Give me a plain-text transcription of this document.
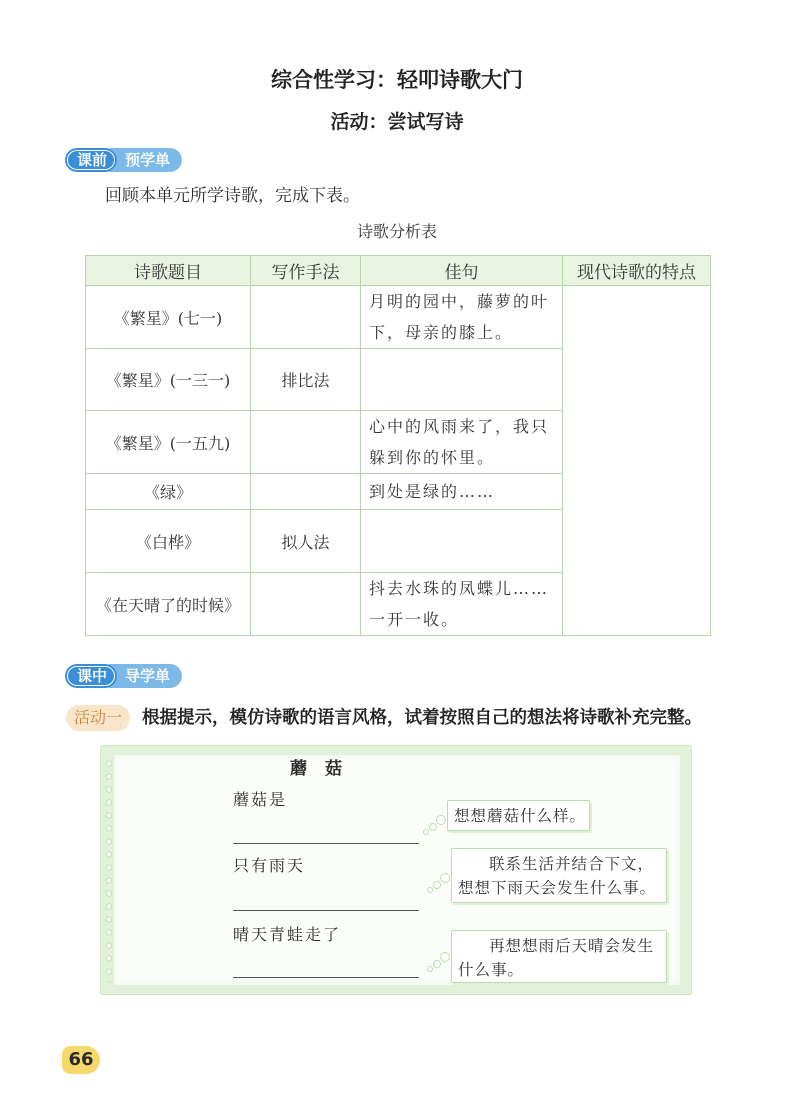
综合性学习：轻叩诗歌大门
活动：尝试写诗
课前	预学单
回顾本单元所学诗歌，完成下表。
诗歌分析表
诗歌题目	写作手法	佳句	现代诗歌的特点
《繁星》(七一)		月明的园中，藤萝的叶
下，母亲的膝上。	

《繁星》(一三一)	排比法		
《繁星》(一五九)		心中的风雨来了，我只
躲到你的怀里。	

《绿》		到处是绿的……	

《白桦》	拟人法		
《在天晴了的时候》		抖去水珠的凤蝶儿……
一开一收。	
课中	导学单
活动一	根据提示，模仿诗歌的语言风格，试着按照自己的想法将诗歌补充完整。
蘑菇
蘑菇是
只有雨天
晴天青蛙走了
想想蘑菇什么样。
联系生活并结合下文，
想想下雨天会发生什么事。
再想想雨后天晴会发生
什么事。
66
